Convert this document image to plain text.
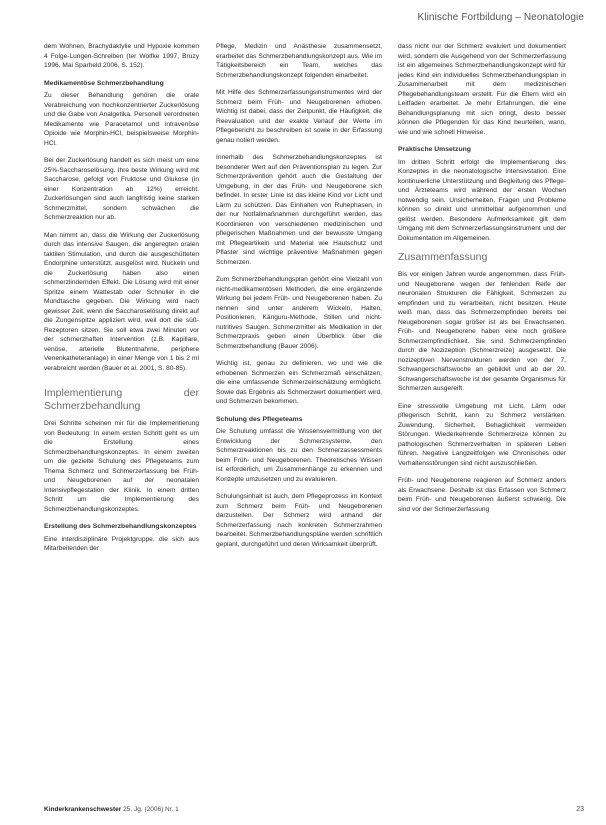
Klinische Fortbildung – Neonatologie

dem Wohnen, Brachydaktylie und Hypoxie kommen 4 Folge-Lungen-Schreiben (ter Wolfke 1997, Bruzy 1996, Mai Sparheld 2006, S. 152).

Medikamentöse Schmerzbehandlung

Zu dieser Behandlung gehören die orale Verabreichung von hochkonzentrierter Zuckerlösung und die Gabe von Analgetika. Personell verordneten Medikamente wie Paracetamol und intravenöse Opioide wie Morphin-HCl, beispielsweise Morphin-HCl.

Bei der Zuckerlösung handelt es sich meist um eine 25%-Saccharoselösung. Ihre beste Wirkung wird mit Saccharose, gefolgt von Fruktose und Glukose (in einer Konzentration ab 12%) erreicht. Zuckerlösungen sind auch langfristig keine starken Schmerzmittel, sondern schwächen die Schmerzreaktion nur ab.

Man nimmt an, dass die Wirkung der Zuckerlösung durch das intensive Saugen, die angeregten oralen taktilen Stimulation, und durch die ausgeschütteten Endorphine unterstützt, ausgelöst wird. Nuckeln und die Zuckerlösung haben also einen schmerzlindernden Effekt. Die Lösung wird mit einer Spritze einem Wattestab oder Schnuller in die Mundtasche gegeben. Die Wirkung wird nach gewisser Zeit, wenn die Saccharoselösung direkt auf die Zungenspitze appliziert wird, weil dort die süß-Rezeptoren sitzen. Sie soll etwa zwei Minuten vor der schmerzhaften Intervention (z.B. Kapillare, venöse, arterielle Blutentnahme, periphere Venenkatheteranlage) in einer Menge von 1 bis 2 ml verabreicht werden (Bauer et al. 2001, S. 80-85).

Implementierung der Schmerzbehandlung

Drei Schritte scheinen mir für die Implementierung von Bedeutung: In einem ersten Schritt geht es um die Erstellung eines Schmerzbehandlungskonzeptes. In einem zweiten um die gezielte Schulung des Pflegeteams zum Thema Schmerz und Schmerzerfassung bei Früh- und Neugeborenen auf der neonatalen Intensivpflegestation der Klinik. In einem dritten Schritt um die Implementierung des Schmerzbehandlungskonzeptes.

Erstellung des Schmerzbehandlungskonzeptes

Eine interdisziplinäre Projektgruppe, die sich aus Mitarbeitenden der

Pflege, Medizin und Anästhesie zusammensetzt, erarbeitet das Schmerzbehandlungskonzept aus. Wie im Tätigkeitsbereich ein Team, welches das Schmerzbehandlungskonzept folgenden einarbeitet.

Mit Hilfe des Schmerzerfassungsinstrumentes wird der Schmerz beim Früh- und Neugeborenen erhoben. Wichtig ist dabei, dass der Zeitpunkt, die Häufigkeit, die Reevaluation und der exakte Verlauf der Werte im Pflegebericht zu beschreiben ist sowie in der Erfassung genau notiert werden.

Innerhalb des Schmerzbehandlungskonzeptes ist besonderer Wert auf den Präventionsplan zu legen. Zur Schmerzprävention gehört auch die Gestaltung der Umgebung, in der das Früh- und Neugeborene sich befindet. In erster Linie ist das kleine Kind vor Licht und Lärm zu schützen. Das Einhalten von Ruhephasen, in der nur Notfallmaßnahmen durchgeführt werden, das Koordinieren von verschiedenen medizinischen und pflegerischen Maßnahmen und der bewusste Umgang mit Pflegeartikeln und Material wie Hautschutz und Pflaster sind wichtige präventive Maßnahmen gegen Schmerzen.

Zum Schmerzbehandlungsplan gehört eine Vielzahl von nicht-medikamentösen Methoden, die eine ergänzende Wirkung bei jedem Früh- und Neugeborenen haben. Zu nennen sind unter anderem Wickeln, Halten, Positionieren, Känguru-Methode, Stillen und nicht-nutritives Saugen. Schmerzmittel als Medikation in der Schmerzpraxis geben einen Überblick über die Schmerzbehandlung (Bauer 2006).

Wichtig ist, genau zu definieren, wo und wie die erhobenen Schmerzen ein Schmerzmaß einschätzen, die eine umfassende Schmerzeinschätzung ermöglicht. Sowie das Ergebnis als Schmerzwert dokumentiert wird, und Schmerzen bekommen.

Schulung des Pflegeteams

Die Schulung umfasst die Wissensvermittlung von der Entwicklung der Schmerzsysteme, den Schmerzreaktionen bis zu den Schmerzassessments beim Früh- und Neugeborenen. Theoretisches Wissen ist erforderlich, um Zusammenhänge zu erkennen und Konzepte umzusetzen und zu evaluieren.

Schulungsinhalt ist auch, dem Pflegeprozess im Kontext zum Schmerz beim Früh- und Neugeborenen darzustellen. Der Schmerz wird anhand der Schmerzerfassung nach konkreten Schmerzrahmen bearbeitet. Schmerzbehandlungspläne werden schriftlich geplant, durchgeführt und deren Wirksamkeit überprüft.

dass nicht nur der Schmerz evaluiert und dokumentiert wird, sondern die Ausgehend von der Schmerzerfassung ist ein allgemeines Schmerzbehandlungskonzept wird für jedes Kind ein individuelles Schmerzbehandlungsplan in Zusammenarbeit mit dem medizinischen Pflegebehandlungsteam erstellt. Für die Eltern wird ein Leitfaden erarbeitet. Je mehr Erfahrungen, die eine Behandlungsplanung mit sich bringt, desto besser können die Pflegenden für das Kind beurteilen, wann, wie und wie schnell Hinweise.

Praktische Umsetzung

Im dritten Schritt erfolgt die Implementierung des Konzeptes in die neonatologische Intensivstation. Eine kontinuierliche Unterstützung und Begleitung des Pflege- und Ärzteteams wird während der ersten Wochen notwendig sein. Unsicherheiten, Fragen und Probleme können so direkt und unmittelbar aufgenommen und gelöst werden. Besondere Aufmerksamkeit gilt dem Umgang mit dem Schmerzerfassungsinstrument und der Dokumentation im Allgemeinen.

Zusammenfassung

Bis vor einigen Jahren wurde angenommen, dass Früh- und Neugeborene wegen der fehlenden Reife der neuronalen Strukturen die Fähigkeit, Schmerzen zu empfinden und zu verarbeiten, nicht besitzen. Heute weiß man, dass das Schmerzempfinden bereits bei Neugeborenen sogar größer ist als bei Erwachsenen. Früh- und Neugeborene haben eine noch größere Schmerzempfindlichkeit. Sie sind Schmerzempfinden durch die Nozizeption (Schmerzreize) ausgesetzt. Die nozizeptiven Nervenstrukturen werden von der 7. Schwangerschaftswoche an gebildet und ab der 20. Schwangerschaftswoche ist der gesamte Organismus für Schmerzen ausgereift.

Eine stressvolle Umgebung mit Licht, Lärm oder pflegerisch Schritt, kann zu Schmerz verstärken. Zuwendung, Sicherheit, Behaglichkeit vermeiden Störungen. Wiederkehrende Schmerzreize können zu pathologischen Schmerzverhalten in späteren Leben führen. Negative Langzeitfolgen wie Chronisches oder Verhaltensstörungen sind nicht auszuschließen.

Früh- und Neugeborene reagieren auf Schmerz anders als Erwachsene. Deshalb ist das Erfassen von Schmerz beim Früh- und Neugeborenen äußerst schwierig. Die sind vor der Schmerzerfassung

Kinderkrankenschwester 25. Jg. (2006) Nr. 1	23
